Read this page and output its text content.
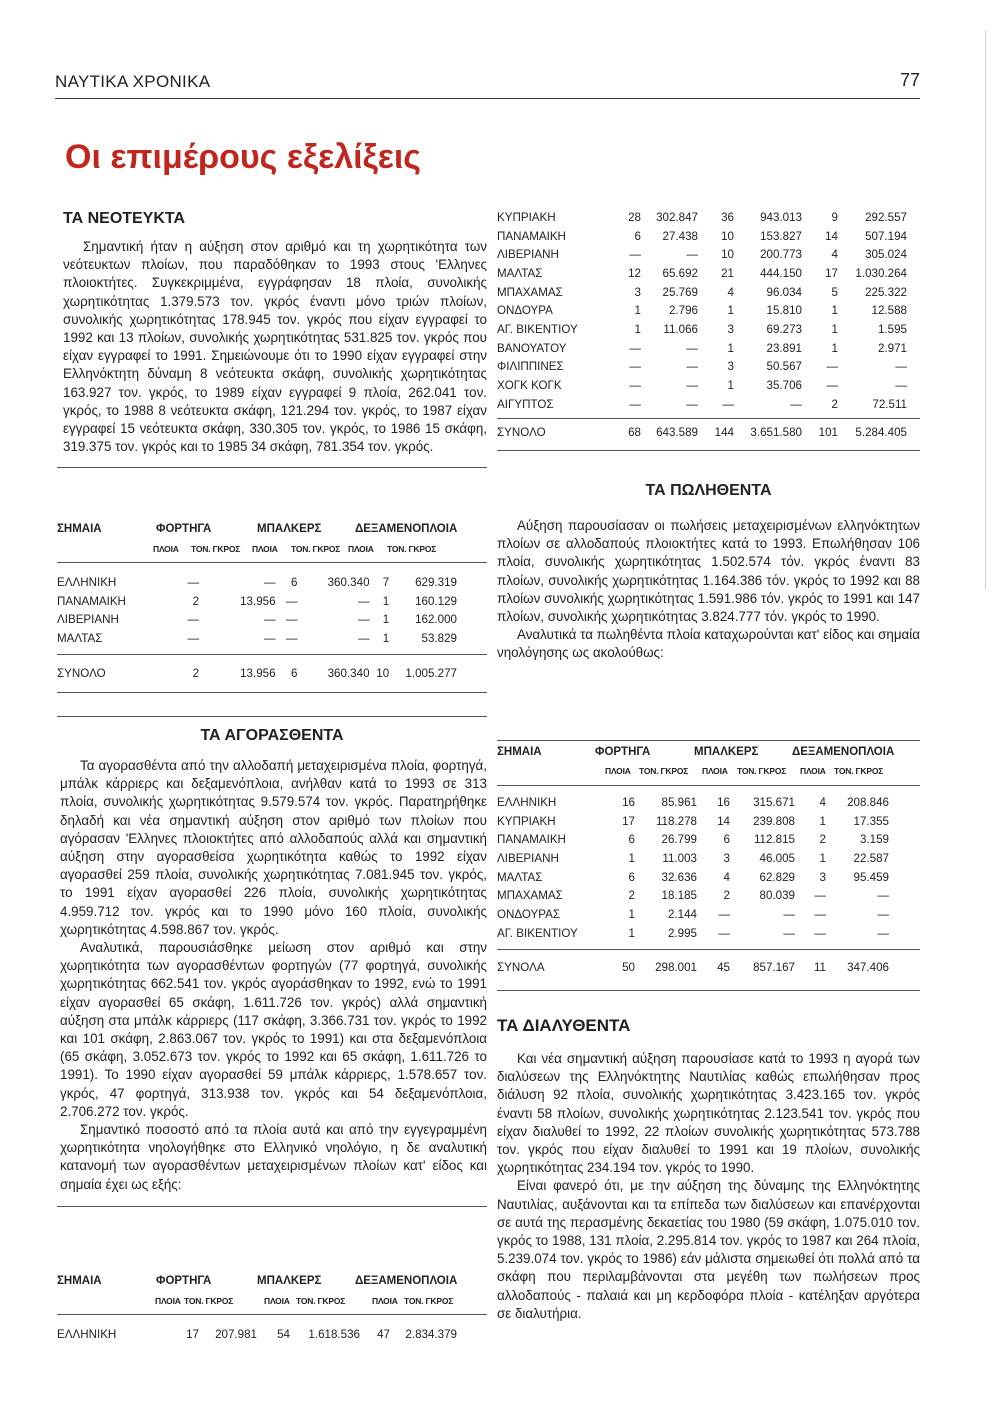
ΝΑΥΤΙΚΑ ΧΡΟΝΙΚΑ	77
Οι επιμέρους εξελίξεις
ΤΑ ΝΕΟΤΕΥΚΤΑ

Σημαντική ήταν η αύξηση στον αριθμό και τη χωρητικότητα των νεότευκτων πλοίων, που παραδόθηκαν το 1993 στους 'Ελληνες πλοιοκτήτες. Συγκεκριμμένα, εγγράφησαν 18 πλοία, συνολικής χωρητικότητας 1.379.573 τον. γκρός έναντι μόνο τριών πλοίων, συνολικής χωρητικότητας 178.945 τον. γκρός που είχαν εγγραφεί το 1992 και 13 πλοίων, συνολικής χωρητικότητας 531.825 τον. γκρός που είχαν εγγραφεί το 1991. Σημειώνουμε ότι το 1990 είχαν εγγραφεί στην Ελληνόκτητη δύναμη 8 νεότευκτα σκάφη, συνολικής χωρητικότητας 163.927 τον. γκρός, το 1989 είχαν εγγραφεί 9 πλοία, 262.041 τον. γκρός, το 1988 8 νεότευκτα σκάφη, 121.294 τον. γκρός, το 1987 είχαν εγγραφεί 15 νεότευκτα σκάφη, 330.305 τον. γκρός, το 1986 15 σκάφη, 319.375 τον. γκρός και το 1985 34 σκάφη, 781.354 τον. γκρός.

ΣΗΜΑΙΑ	ΦΟΡΤΗΓΑ	ΜΠΑΛΚΕΡΣ	ΔΕΞΑΜΕΝΟΠΛΟΙΑ
ΠΛΟΙΑ ΤΟΝ. ΓΚΡΟΣ ΠΛΟΙΑ ΤΟΝ. ΓΚΡΟΣ ΠΛΟΙΑ ΤΟΝ. ΓΚΡΟΣ
ΕΛΛΗΝΙΚΗ	—	—	6	360.340	7	629.319
ΠΑΝΑΜΑΙΚΗ	2	13.956	—	—	1	160.129
ΛΙΒΕΡΙΑΝΗ	—	—	—	—	1	162.000
ΜΑΛΤΑΣ	—	—	—	—	1	53.829
ΣΥΝΟΛΟ	2	13.956	6	360.340	10	1.005.277
ΤΑ ΑΓΟΡΑΣΘΕΝΤΑ

Τα αγορασθέντα από την αλλοδαπή μεταχειρισμένα πλοία, φορτηγά, μπάλκ κάρριερς και δεξαμενόπλοια, ανήλθαν κατά το 1993 σε 313 πλοία, συνολικής χωρητικότητας 9.579.574 τον. γκρός. Παρατηρήθηκε δηλαδή και νέα σημαντική αύξηση στον αριθμό των πλοίων που αγόρασαν 'Ελληνες πλοιοκτήτες από αλλοδαπούς αλλά και σημαντική αύξηση στην αγορασθείσα χωρητικότητα καθώς το 1992 είχαν αγορασθεί 259 πλοία, συνολικής χωρητικότητας 7.081.945 τον. γκρός, το 1991 είχαν αγορασθεί 226 πλοία, συνολικής χωρητικότητας 4.959.712 τον. γκρός και το 1990 μόνο 160 πλοία, συνολικής χωρητικότητας 4.598.867 τον. γκρός.

Αναλυτικά, παρουσιάσθηκε μείωση στον αριθμό και στην χωρητικότητα των αγορασθέντων φορτηγών (77 φορτηγά, συνολικής χωρητικότητας 662.541 τον. γκρός αγοράσθηκαν το 1992, ενώ το 1991 είχαν αγορασθεί 65 σκάφη, 1.611.726 τον. γκρός) αλλά σημαντική αύξηση στα μπάλκ κάρριερς (117 σκάφη, 3.366.731 τον. γκρός το 1992 και 101 σκάφη, 2.863.067 τον. γκρός το 1991) και στα δεξαμενόπλοια (65 σκάφη, 3.052.673 τον. γκρός το 1992 και 65 σκάφη, 1.611.726 το 1991). Το 1990 είχαν αγορασθεί 59 μπάλκ κάρριερς, 1.578.657 τον. γκρός, 47 φορτηγά, 313.938 τον. γκρός και 54 δεξαμενόπλοια, 2.706.272 τον. γκρός.

Σημαντικό ποσοστό από τα πλοία αυτά και από την εγγεγραμμένη χωρητικότητα νηολογήθηκε στο Ελληνικό νηολόγιο, η δε αναλυτική κατανομή των αγορασθέντων μεταχειρισμένων πλοίων κατ' είδος και σημαία έχει ως εξής:

ΣΗΜΑΙΑ	ΦΟΡΤΗΓΑ	ΜΠΑΛΚΕΡΣ	ΔΕΞΑΜΕΝΟΠΛΟΙΑ
ΠΛΟΙΑ ΤΟΝ. ΓΚΡΟΣ	ΠΛΟΙΑ ΤΟΝ. ΓΚΡΟΣ	ΠΛΟΙΑ ΤΟΝ. ΓΚΡΟΣ
ΕΛΛΗΝΙΚΗ	17	207.981	54	1.618.536	47	2.834.379
ΚΥΠΡΙΑΚΗ	28	302.847	36	943.013	9	292.557
ΠΑΝΑΜΑΙΚΗ	6	27.438	10	153.827	14	507.194
ΛΙΒΕΡΙΑΝΗ	—	—	10	200.773	4	305.024
ΜΑΛΤΑΣ	12	65.692	21	444.150	17	1.030.264
ΜΠΑΧΑΜΑΣ	3	25.769	4	96.034	5	225.322
ΟΝΔΟΥΡΑ	1	2.796	1	15.810	1	12.588
ΑΓ. ΒΙΚΕΝΤΙΟΥ	1	11.066	3	69.273	1	1.595
ΒΑΝΟΥΑΤΟΥ	—	—	1	23.891	1	2.971
ΦΙΛΙΠΠΙΝΕΣ	—	—	3	50.567	—	—
ΧΟΓΚ ΚΟΓΚ	—	—	1	35.706	—	—
ΑΙΓΥΠΤΟΣ	—	—	—	—	2	72.511
ΣΥΝΟΛΟ	68	643.589	144	3.651.580	101	5.284.405
ΤΑ ΠΩΛΗΘΕΝΤΑ

Αύξηση παρουσίασαν οι πωλήσεις μεταχειρισμένων ελληνόκτητων πλοίων σε αλλοδαπούς πλοιοκτήτες κατά το 1993. Επωλήθησαν 106 πλοία, συνολικής χωρητικότητας 1.502.574 τόν. γκρός έναντι 83 πλοίων, συνολικής χωρητικότητας 1.164.386 τόν. γκρός το 1992 και 88 πλοίων συνολικής χωρητικότητας 1.591.986 τόν. γκρός το 1991 και 147 πλοίων, συνολικής χωρητικότητας 3.824.777 τόν. γκρός το 1990.

Αναλυτικά τα πωληθέντα πλοία καταχωρούνται κατ' είδος και σημαία νηολόγησης ως ακολούθως:

ΣΗΜΑΙΑ	ΦΟΡΤΗΓΑ	ΜΠΑΛΚΕΡΣ	ΔΕΞΑΜΕΝΟΠΛΟΙΑ
ΠΛΟΙΑ ΤΟΝ. ΓΚΡΟΣ ΠΛΟΙΑ ΤΟΝ. ΓΚΡΟΣ ΠΛΟΙΑ ΤΟΝ. ΓΚΡΟΣ
ΕΛΛΗΝΙΚΗ	16	85.961	16	315.671	4	208.846
ΚΥΠΡΙΑΚΗ	17	118.278	14	239.808	1	17.355
ΠΑΝΑΜΑΙΚΗ	6	26.799	6	112.815	2	3.159
ΛΙΒΕΡΙΑΝΗ	1	11.003	3	46.005	1	22.587
ΜΑΛΤΑΣ	6	32.636	4	62.829	3	95.459
ΜΠΑΧΑΜΑΣ	2	18.185	2	80.039	—	—
ΟΝΔΟΥΡΑΣ	1	2.144	—	—	—	—
ΑΓ. ΒΙΚΕΝΤΙΟΥ	1	2.995	—	—	—	—
ΣΥΝΟΛΑ	50	298.001	45	857.167	11	347.406
ΤΑ ΔΙΑΛΥΘΕΝΤΑ

Και νέα σημαντική αύξηση παρουσίασε κατά το 1993 η αγορά των διαλύσεων της Ελληνόκτητης Ναυτιλίας καθώς επωλήθησαν προς διάλυση 92 πλοία, συνολικής χωρητικότητας 3.423.165 τον. γκρός έναντι 58 πλοίων, συνολικής χωρητικότητας 2.123.541 τον. γκρός που είχαν διαλυθεί το 1992, 22 πλοίων συνολικής χωρητικότητας 573.788 τον. γκρός που είχαν διαλυθεί το 1991 και 19 πλοίων, συνολικής χωρητικότητας 234.194 τον. γκρός το 1990.

Είναι φανερό ότι, με την αύξηση της δύναμης της Ελληνόκτητης Ναυτιλίας, αυξάνονται και τα επίπεδα των διαλύσεων και επανέρχονται σε αυτά της περασμένης δεκαετίας του 1980 (59 σκάφη, 1.075.010 τον. γκρός το 1988, 131 πλοία, 2.295.814 τον. γκρός το 1987 και 264 πλοία, 5.239.074 τον. γκρός το 1986) εάν μάλιστα σημειωθεί ότι πολλά από τα σκάφη που περιλαμβάνονται στα μεγέθη των πωλήσεων προς αλλοδαπούς - παλαιά και μη κερδοφόρα πλοία - κατέληξαν αργότερα σε διαλυτήρια.
